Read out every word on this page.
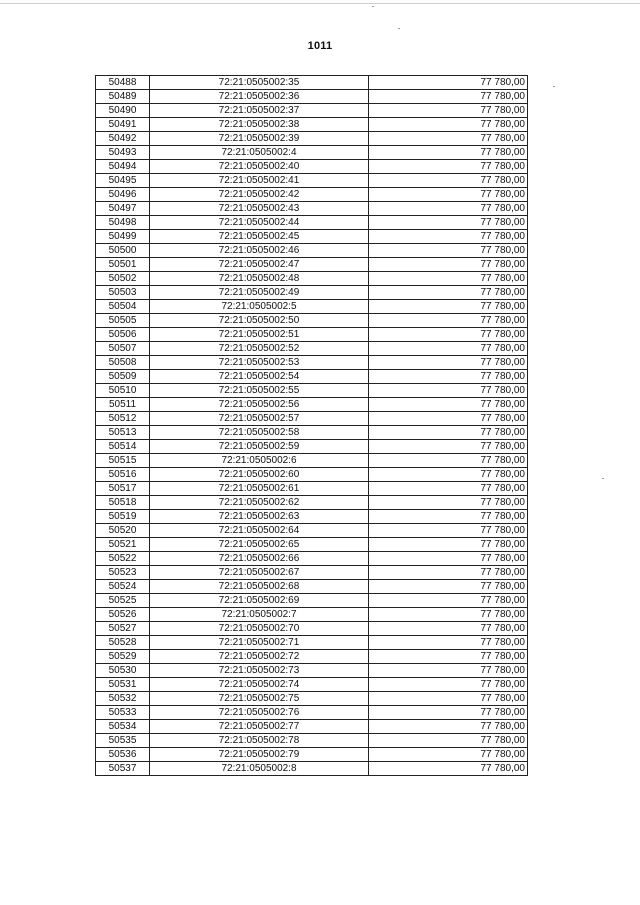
1011
50488	72:21:0505002:35	77 780,00
50489	72:21:0505002:36	77 780,00
50490	72:21:0505002:37	77 780,00
50491	72:21:0505002:38	77 780,00
50492	72:21:0505002:39	77 780,00
50493	72:21:0505002:4	77 780,00
50494	72:21:0505002:40	77 780,00
50495	72:21:0505002:41	77 780,00
50496	72:21:0505002:42	77 780,00
50497	72:21:0505002:43	77 780,00
50498	72:21:0505002:44	77 780,00
50499	72:21:0505002:45	77 780,00
50500	72:21:0505002:46	77 780,00
50501	72:21:0505002:47	77 780,00
50502	72:21:0505002:48	77 780,00
50503	72:21:0505002:49	77 780,00
50504	72:21:0505002:5	77 780,00
50505	72:21:0505002:50	77 780,00
50506	72:21:0505002:51	77 780,00
50507	72:21:0505002:52	77 780,00
50508	72:21:0505002:53	77 780,00
50509	72:21:0505002:54	77 780,00
50510	72:21:0505002:55	77 780,00
50511	72:21:0505002:56	77 780,00
50512	72:21:0505002:57	77 780,00
50513	72:21:0505002:58	77 780,00
50514	72:21:0505002:59	77 780,00
50515	72:21:0505002:6	77 780,00
50516	72:21:0505002:60	77 780,00
50517	72:21:0505002:61	77 780,00
50518	72:21:0505002:62	77 780,00
50519	72:21:0505002:63	77 780,00
50520	72:21:0505002:64	77 780,00
50521	72:21:0505002:65	77 780,00
50522	72:21:0505002:66	77 780,00
50523	72:21:0505002:67	77 780,00
50524	72:21:0505002:68	77 780,00
50525	72:21:0505002:69	77 780,00
50526	72:21:0505002:7	77 780,00
50527	72:21:0505002:70	77 780,00
50528	72:21:0505002:71	77 780,00
50529	72:21:0505002:72	77 780,00
50530	72:21:0505002:73	77 780,00
50531	72:21:0505002:74	77 780,00
50532	72:21:0505002:75	77 780,00
50533	72:21:0505002:76	77 780,00
50534	72:21:0505002:77	77 780,00
50535	72:21:0505002:78	77 780,00
50536	72:21:0505002:79	77 780,00
50537	72:21:0505002:8	77 780,00
